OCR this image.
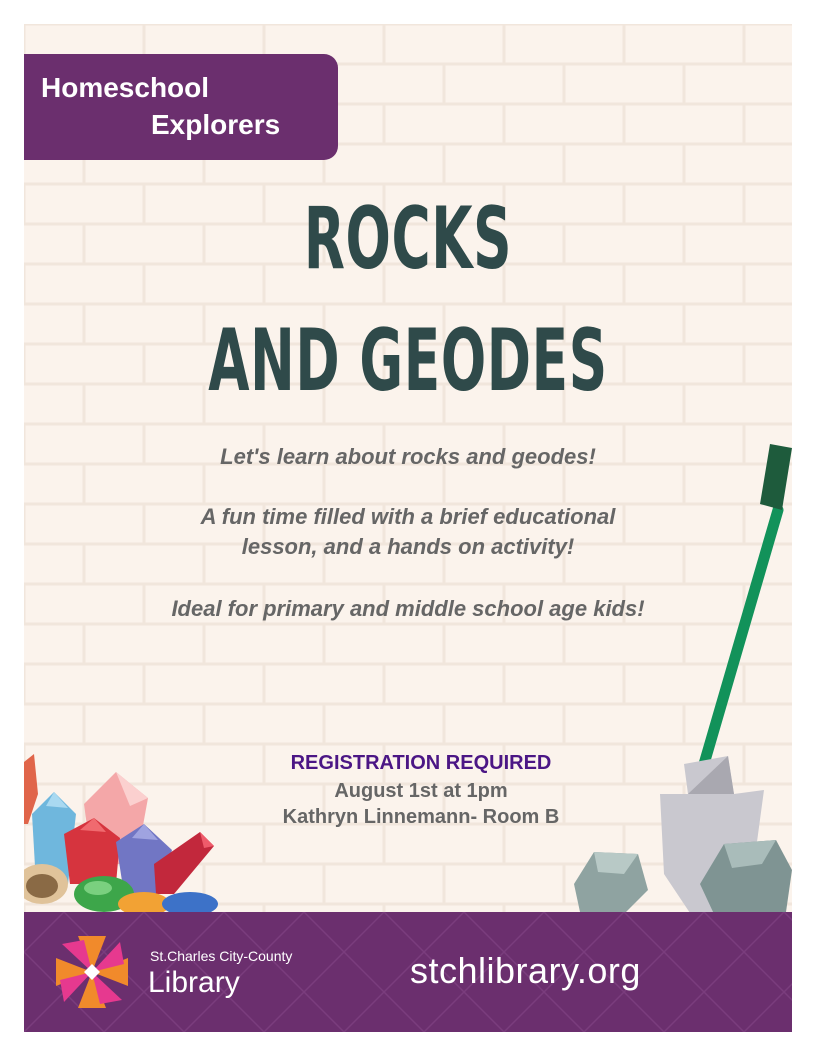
Homeschool
Explorers
ROCKS
AND GEODES
Let's learn about rocks and geodes!
A fun time filled with a brief educational
lesson, and a hands on activity!
Ideal for primary and middle school age kids!
REGISTRATION REQUIRED
August 1st at 1pm
Kathryn Linnemann- Room B
St.Charles City-County
Library	stchlibrary.org
